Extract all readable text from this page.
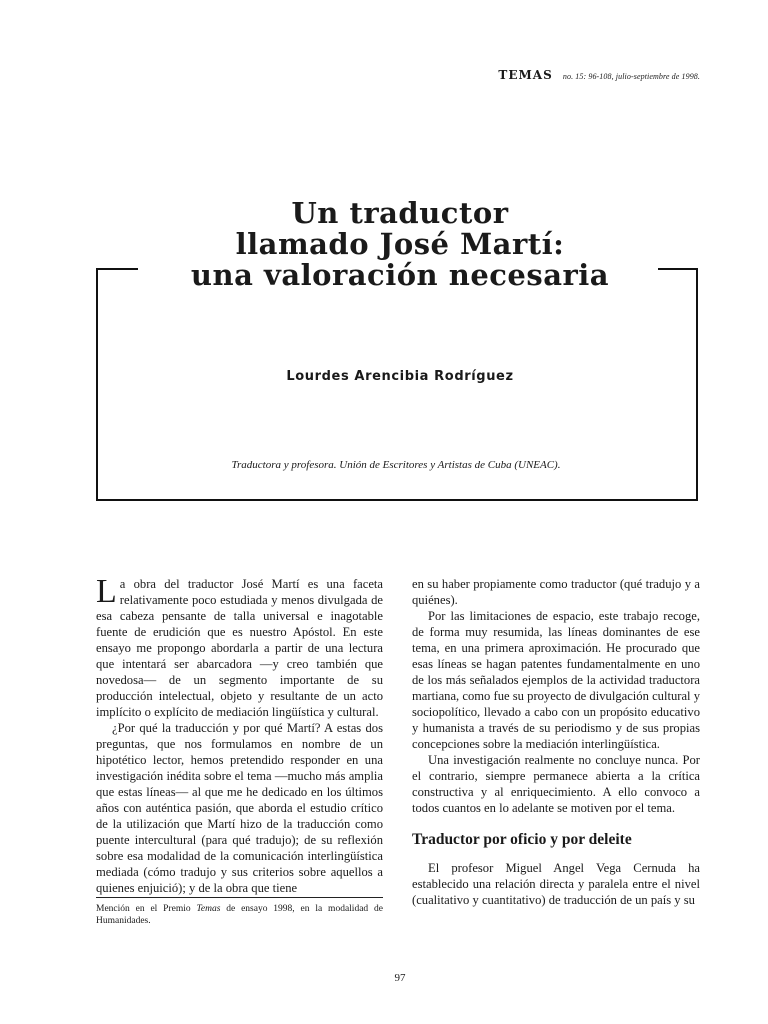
TEMAS no. 15: 96-108, julio-septiembre de 1998.
Un traductor
llamado José Martí:
una valoración necesaria
Lourdes Arencibia Rodríguez
Traductora y profesora. Unión de Escritores y Artistas de Cuba (UNEAC).

La obra del traductor José Martí es una faceta relativamente poco estudiada y menos divulgada de esa cabeza pensante de talla universal e inagotable fuente de erudición que es nuestro Apóstol. En este ensayo me propongo abordarla a partir de una lectura que intentará ser abarcadora —y creo también que novedosa— de un segmento importante de su producción intelectual, objeto y resultante de un acto implícito o explícito de mediación lingüística y cultural.

¿Por qué la traducción y por qué Martí? A estas dos preguntas, que nos formulamos en nombre de un hipotético lector, hemos pretendido responder en una investigación inédita sobre el tema —mucho más amplia que estas líneas— al que me he dedicado en los últimos años con auténtica pasión, que aborda el estudio crítico de la utilización que Martí hizo de la traducción como puente intercultural (para qué tradujo); de su reflexión sobre esa modalidad de la comunicación interlingüística mediada (cómo tradujo y sus criterios sobre aquellos a quienes enjuició); y de la obra que tiene

en su haber propiamente como traductor (qué tradujo y a quiénes).

Por las limitaciones de espacio, este trabajo recoge, de forma muy resumida, las líneas dominantes de ese tema, en una primera aproximación. He procurado que esas líneas se hagan patentes fundamentalmente en uno de los más señalados ejemplos de la actividad traductora martiana, como fue su proyecto de divulgación cultural y sociopolítico, llevado a cabo con un propósito educativo y humanista a través de su periodismo y de sus propias concepciones sobre la mediación interlingüística.

Una investigación realmente no concluye nunca. Por el contrario, siempre permanece abierta a la crítica constructiva y al enriquecimiento. A ello convoco a todos cuantos en lo adelante se motiven por el tema.

Traductor por oficio y por deleite

El profesor Miguel Angel Vega Cernuda ha establecido una relación directa y paralela entre el nivel (cualitativo y cuantitativo) de traducción de un país y su

Mención en el Premio Temas de ensayo 1998, en la modalidad de Humanidades.
97
